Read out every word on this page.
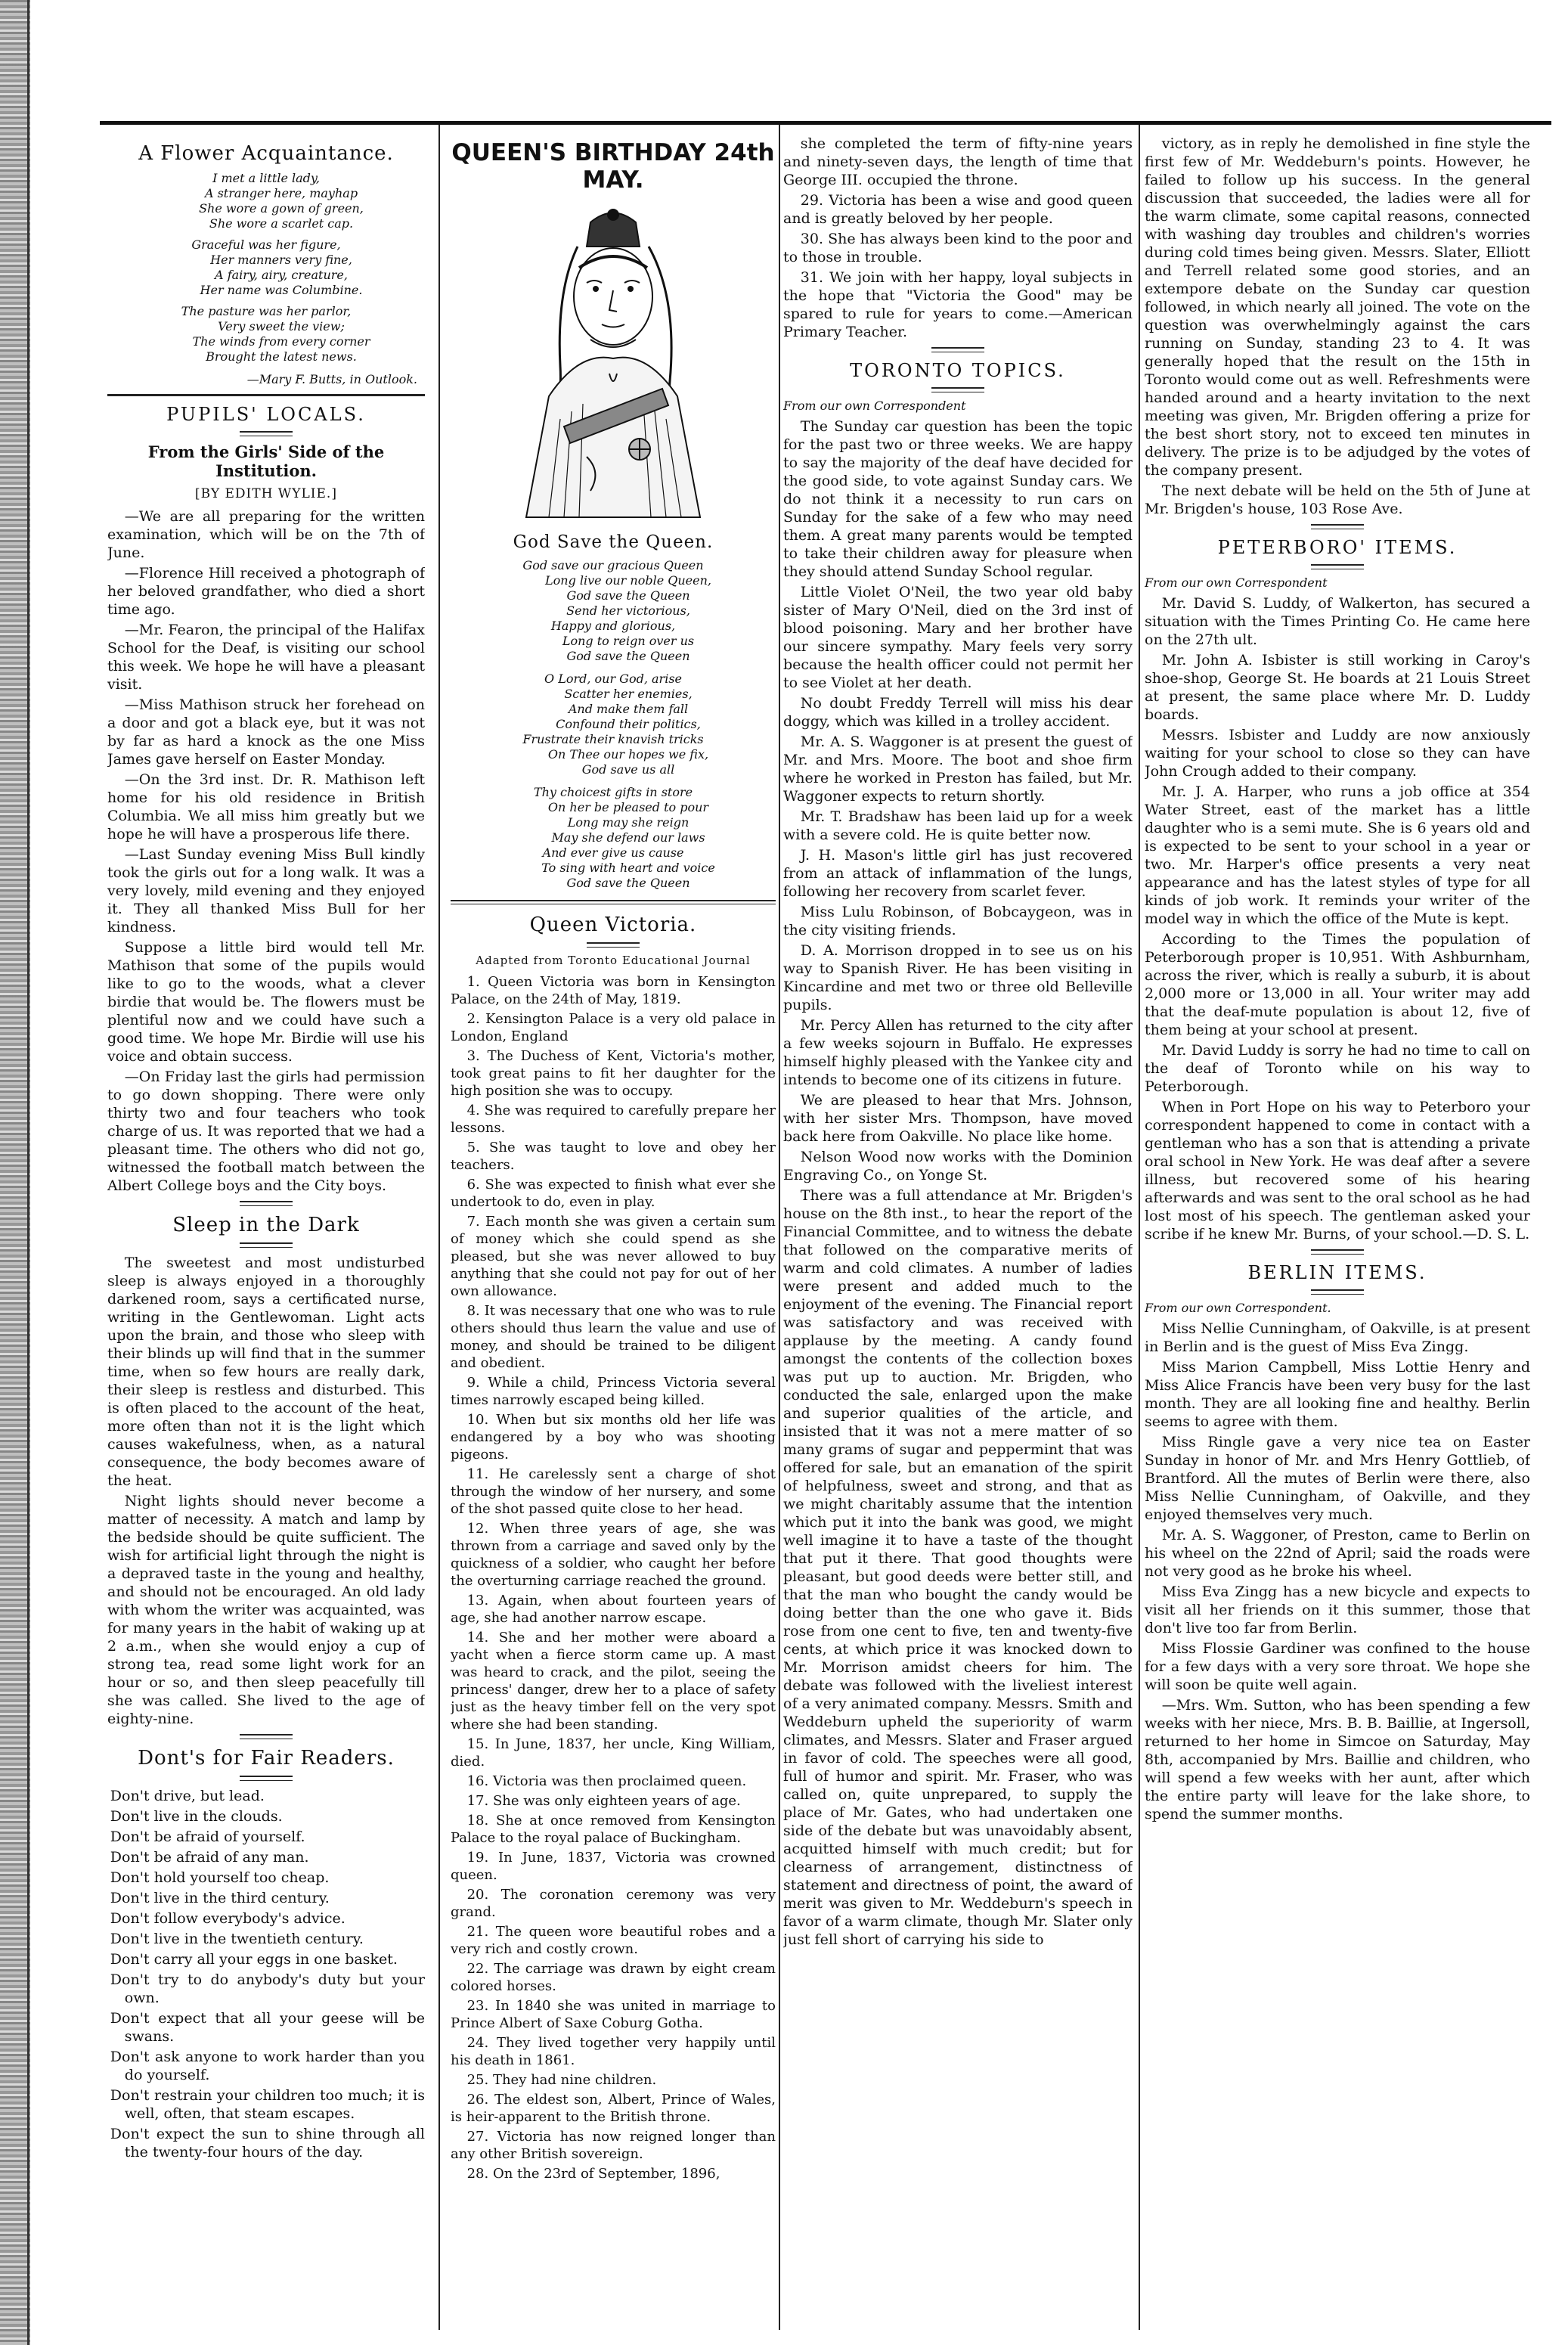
A Flower Acquaintance.
I met a little lady,
A stranger here, mayhap
She wore a gown of green,
She wore a scarlet cap.
Graceful was her figure,
Her manners very fine,
A fairy, airy, creature,
Her name was Columbine.
The pasture was her parlor,
Very sweet the view;
The winds from every corner
Brought the latest news.
—Mary F. Butts, in Outlook.
PUPILS' LOCALS.
From the Girls' Side of the Institution.
[BY EDITH WYLIE.]

—We are all preparing for the written examination, which will be on the 7th of June.

—Florence Hill received a photograph of her beloved grandfather, who died a short time ago.

—Mr. Fearon, the principal of the Halifax School for the Deaf, is visiting our school this week. We hope he will have a pleasant visit.

—Miss Mathison struck her forehead on a door and got a black eye, but it was not by far as hard a knock as the one Miss James gave herself on Easter Monday.

—On the 3rd inst. Dr. R. Mathison left home for his old residence in British Columbia. We all miss him greatly but we hope he will have a prosperous life there.

—Last Sunday evening Miss Bull kindly took the girls out for a long walk. It was a very lovely, mild evening and they enjoyed it. They all thanked Miss Bull for her kindness.

Suppose a little bird would tell Mr. Mathison that some of the pupils would like to go to the woods, what a clever birdie that would be. The flowers must be plentiful now and we could have such a good time. We hope Mr. Birdie will use his voice and obtain success.

—On Friday last the girls had permission to go down shopping. There were only thirty two and four teachers who took charge of us. It was reported that we had a pleasant time. The others who did not go, witnessed the football match between the Albert College boys and the City boys.

Sleep in the Dark

The sweetest and most undisturbed sleep is always enjoyed in a thoroughly darkened room, says a certificated nurse, writing in the Gentlewoman. Light acts upon the brain, and those who sleep with their blinds up will find that in the summer time, when so few hours are really dark, their sleep is restless and disturbed. This is often placed to the account of the heat, more often than not it is the light which causes wakefulness, when, as a natural consequence, the body becomes aware of the heat.

Night lights should never become a matter of necessity. A match and lamp by the bedside should be quite sufficient. The wish for artificial light through the night is a depraved taste in the young and healthy, and should not be encouraged. An old lady with whom the writer was acquainted, was for many years in the habit of waking up at 2 a.m., when she would enjoy a cup of strong tea, read some light work for an hour or so, and then sleep peacefully till she was called. She lived to the age of eighty-nine.

Dont's for Fair Readers.

Don't drive, but lead.

Don't live in the clouds.

Don't be afraid of yourself.

Don't be afraid of any man.

Don't hold yourself too cheap.

Don't live in the third century.

Don't follow everybody's advice.

Don't live in the twentieth century.

Don't carry all your eggs in one basket.

Don't try to do anybody's duty but your own.

Don't expect that all your geese will be swans.

Don't ask anyone to work harder than you do yourself.

Don't restrain your children too much; it is well, often, that steam escapes.

Don't expect the sun to shine through all the twenty-four hours of the day.

QUEEN'S BIRTHDAY 24th MAY.
God Save the Queen.
God save our gracious Queen
Long live our noble Queen,
God save the Queen
Send her victorious,
Happy and glorious,
Long to reign over us
God save the Queen
O Lord, our God, arise
Scatter her enemies,
And make them fall
Confound their politics,
Frustrate their knavish tricks
On Thee our hopes we fix,
God save us all
Thy choicest gifts in store
On her be pleased to pour
Long may she reign
May she defend our laws
And ever give us cause
To sing with heart and voice
God save the Queen
Queen Victoria.
Adapted from Toronto Educational Journal

1. Queen Victoria was born in Kensington Palace, on the 24th of May, 1819.

2. Kensington Palace is a very old palace in London, England

3. The Duchess of Kent, Victoria's mother, took great pains to fit her daughter for the high position she was to occupy.

4. She was required to carefully prepare her lessons.

5. She was taught to love and obey her teachers.

6. She was expected to finish what ever she undertook to do, even in play.

7. Each month she was given a certain sum of money which she could spend as she pleased, but she was never allowed to buy anything that she could not pay for out of her own allowance.

8. It was necessary that one who was to rule others should thus learn the value and use of money, and should be trained to be diligent and obedient.

9. While a child, Princess Victoria several times narrowly escaped being killed.

10. When but six months old her life was endangered by a boy who was shooting pigeons.

11. He carelessly sent a charge of shot through the window of her nursery, and some of the shot passed quite close to her head.

12. When three years of age, she was thrown from a carriage and saved only by the quickness of a soldier, who caught her before the overturning carriage reached the ground.

13. Again, when about fourteen years of age, she had another narrow escape.

14. She and her mother were aboard a yacht when a fierce storm came up. A mast was heard to crack, and the pilot, seeing the princess' danger, drew her to a place of safety just as the heavy timber fell on the very spot where she had been standing.

15. In June, 1837, her uncle, King William, died.

16. Victoria was then proclaimed queen.

17. She was only eighteen years of age.

18. She at once removed from Kensington Palace to the royal palace of Buckingham.

19. In June, 1837, Victoria was crowned queen.

20. The coronation ceremony was very grand.

21. The queen wore beautiful robes and a very rich and costly crown.

22. The carriage was drawn by eight cream colored horses.

23. In 1840 she was united in marriage to Prince Albert of Saxe Coburg Gotha.

24. They lived together very happily until his death in 1861.

25. They had nine children.

26. The eldest son, Albert, Prince of Wales, is heir-apparent to the British throne.

27. Victoria has now reigned longer than any other British sovereign.

28. On the 23rd of September, 1896,

she completed the term of fifty-nine years and ninety-seven days, the length of time that George III. occupied the throne.

29. Victoria has been a wise and good queen and is greatly beloved by her people.

30. She has always been kind to the poor and to those in trouble.

31. We join with her happy, loyal subjects in the hope that "Victoria the Good" may be spared to rule for years to come.—American Primary Teacher.

TORONTO TOPICS.
From our own Correspondent

The Sunday car question has been the topic for the past two or three weeks. We are happy to say the majority of the deaf have decided for the good side, to vote against Sunday cars. We do not think it a necessity to run cars on Sunday for the sake of a few who may need them. A great many parents would be tempted to take their children away for pleasure when they should attend Sunday School regular.

Little Violet O'Neil, the two year old baby sister of Mary O'Neil, died on the 3rd inst of blood poisoning. Mary and her brother have our sincere sympathy. Mary feels very sorry because the health officer could not permit her to see Violet at her death.

No doubt Freddy Terrell will miss his dear doggy, which was killed in a trolley accident.

Mr. A. S. Waggoner is at present the guest of Mr. and Mrs. Moore. The boot and shoe firm where he worked in Preston has failed, but Mr. Waggoner expects to return shortly.

Mr. T. Bradshaw has been laid up for a week with a severe cold. He is quite better now.

J. H. Mason's little girl has just recovered from an attack of inflammation of the lungs, following her recovery from scarlet fever.

Miss Lulu Robinson, of Bobcaygeon, was in the city visiting friends.

D. A. Morrison dropped in to see us on his way to Spanish River. He has been visiting in Kincardine and met two or three old Belleville pupils.

Mr. Percy Allen has returned to the city after a few weeks sojourn in Buffalo. He expresses himself highly pleased with the Yankee city and intends to become one of its citizens in future.

We are pleased to hear that Mrs. Johnson, with her sister Mrs. Thompson, have moved back here from Oakville. No place like home.

Nelson Wood now works with the Dominion Engraving Co., on Yonge St.

There was a full attendance at Mr. Brigden's house on the 8th inst., to hear the report of the Financial Committee, and to witness the debate that followed on the comparative merits of warm and cold climates. A number of ladies were present and added much to the enjoyment of the evening. The Financial report was satisfactory and was received with applause by the meeting. A candy found amongst the contents of the collection boxes was put up to auction. Mr. Brigden, who conducted the sale, enlarged upon the make and superior qualities of the article, and insisted that it was not a mere matter of so many grams of sugar and peppermint that was offered for sale, but an emanation of the spirit of helpfulness, sweet and strong, and that as we might charitably assume that the intention which put it into the bank was good, we might well imagine it to have a taste of the thought that put it there. That good thoughts were pleasant, but good deeds were better still, and that the man who bought the candy would be doing better than the one who gave it. Bids rose from one cent to five, ten and twenty-five cents, at which price it was knocked down to Mr. Morrison amidst cheers for him. The debate was followed with the liveliest interest of a very animated company. Messrs. Smith and Weddeburn upheld the superiority of warm climates, and Messrs. Slater and Fraser argued in favor of cold. The speeches were all good, full of humor and spirit. Mr. Fraser, who was called on, quite unprepared, to supply the place of Mr. Gates, who had undertaken one side of the debate but was unavoidably absent, acquitted himself with much credit; but for clearness of arrangement, distinctness of statement and directness of point, the award of merit was given to Mr. Weddeburn's speech in favor of a warm climate, though Mr. Slater only just fell short of carrying his side to

victory, as in reply he demolished in fine style the first few of Mr. Weddeburn's points. However, he failed to follow up his success. In the general discussion that succeeded, the ladies were all for the warm climate, some capital reasons, connected with washing day troubles and children's worries during cold times being given. Messrs. Slater, Elliott and Terrell related some good stories, and an extempore debate on the Sunday car question followed, in which nearly all joined. The vote on the question was overwhelmingly against the cars running on Sunday, standing 23 to 4. It was generally hoped that the result on the 15th in Toronto would come out as well. Refreshments were handed around and a hearty invitation to the next meeting was given, Mr. Brigden offering a prize for the best short story, not to exceed ten minutes in delivery. The prize is to be adjudged by the votes of the company present.

The next debate will be held on the 5th of June at Mr. Brigden's house, 103 Rose Ave.

PETERBORO' ITEMS.
From our own Correspondent

Mr. David S. Luddy, of Walkerton, has secured a situation with the Times Printing Co. He came here on the 27th ult.

Mr. John A. Isbister is still working in Caroy's shoe-shop, George St. He boards at 21 Louis Street at present, the same place where Mr. D. Luddy boards.

Messrs. Isbister and Luddy are now anxiously waiting for your school to close so they can have John Crough added to their company.

Mr. J. A. Harper, who runs a job office at 354 Water Street, east of the market has a little daughter who is a semi mute. She is 6 years old and is expected to be sent to your school in a year or two. Mr. Harper's office presents a very neat appearance and has the latest styles of type for all kinds of job work. It reminds your writer of the model way in which the office of the Mute is kept.

According to the Times the population of Peterborough proper is 10,951. With Ashburnham, across the river, which is really a suburb, it is about 2,000 more or 13,000 in all. Your writer may add that the deaf-mute population is about 12, five of them being at your school at present.

Mr. David Luddy is sorry he had no time to call on the deaf of Toronto while on his way to Peterborough.

When in Port Hope on his way to Peterboro your correspondent happened to come in contact with a gentleman who has a son that is attending a private oral school in New York. He was deaf after a severe illness, but recovered some of his hearing afterwards and was sent to the oral school as he had lost most of his speech. The gentleman asked your scribe if he knew Mr. Burns, of your school.—D. S. L.

BERLIN ITEMS.
From our own Correspondent.

Miss Nellie Cunningham, of Oakville, is at present in Berlin and is the guest of Miss Eva Zingg.

Miss Marion Campbell, Miss Lottie Henry and Miss Alice Francis have been very busy for the last month. They are all looking fine and healthy. Berlin seems to agree with them.

Miss Ringle gave a very nice tea on Easter Sunday in honor of Mr. and Mrs Henry Gottlieb, of Brantford. All the mutes of Berlin were there, also Miss Nellie Cunningham, of Oakville, and they enjoyed themselves very much.

Mr. A. S. Waggoner, of Preston, came to Berlin on his wheel on the 22nd of April; said the roads were not very good as he broke his wheel.

Miss Eva Zingg has a new bicycle and expects to visit all her friends on it this summer, those that don't live too far from Berlin.

Miss Flossie Gardiner was confined to the house for a few days with a very sore throat. We hope she will soon be quite well again.

—Mrs. Wm. Sutton, who has been spending a few weeks with her niece, Mrs. B. B. Baillie, at Ingersoll, returned to her home in Simcoe on Saturday, May 8th, accompanied by Mrs. Baillie and children, who will spend a few weeks with her aunt, after which the entire party will leave for the lake shore, to spend the summer months.
